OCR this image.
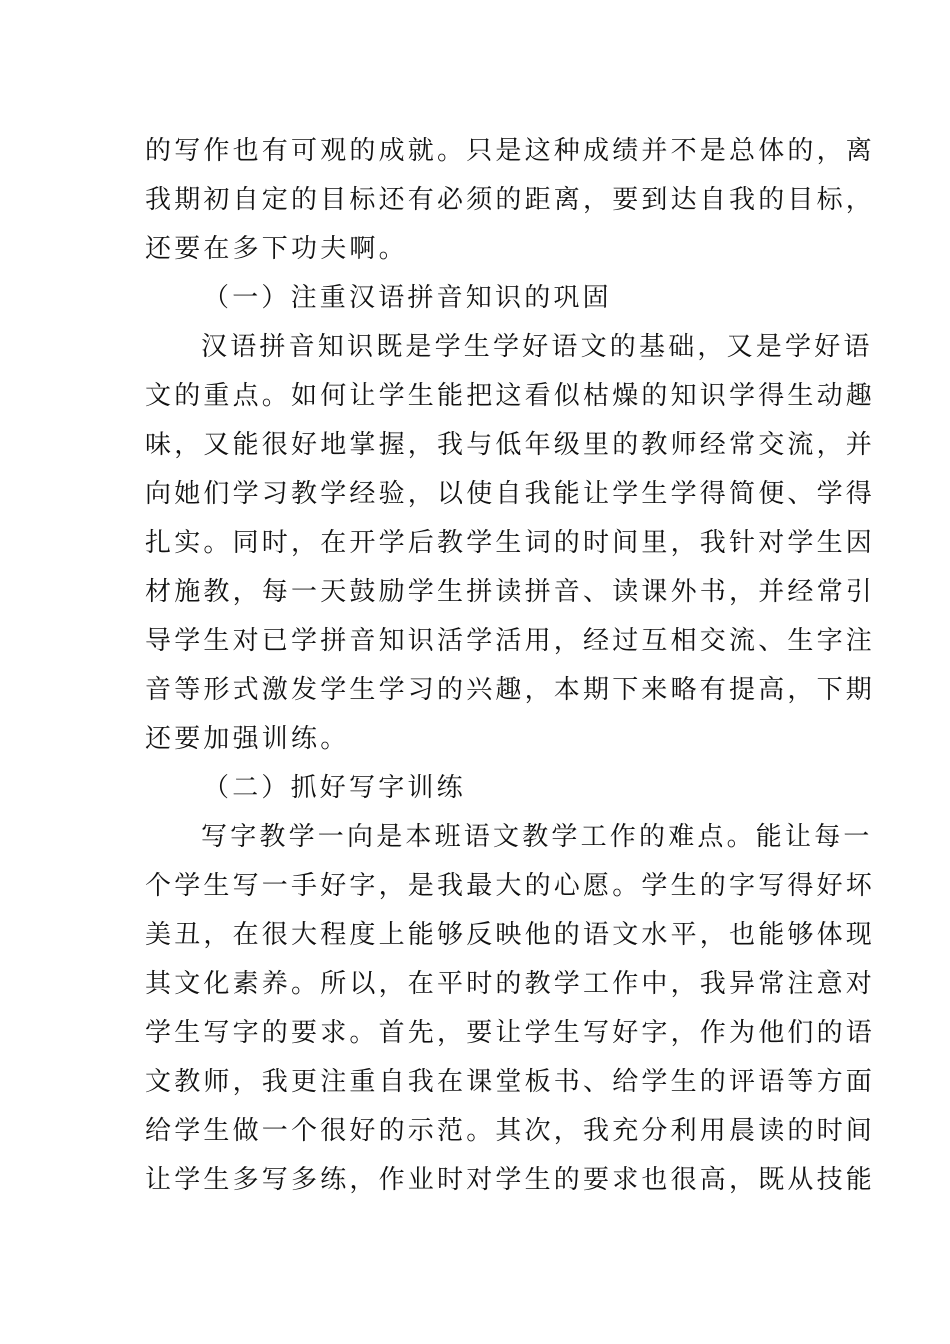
的写作也有可观的成就。只是这种成绩并不是总体的，离
我期初自定的目标还有必须的距离，要到达自我的目标，
还要在多下功夫啊。
（一）注重汉语拼音知识的巩固
汉语拼音知识既是学生学好语文的基础，又是学好语
文的重点。如何让学生能把这看似枯燥的知识学得生动趣
味，又能很好地掌握，我与低年级里的教师经常交流，并
向她们学习教学经验，以使自我能让学生学得简便、学得
扎实。同时，在开学后教学生词的时间里，我针对学生因
材施教，每一天鼓励学生拼读拼音、读课外书，并经常引
导学生对已学拼音知识活学活用，经过互相交流、生字注
音等形式激发学生学习的兴趣，本期下来略有提高，下期
还要加强训练。
（二）抓好写字训练
写字教学一向是本班语文教学工作的难点。能让每一
个学生写一手好字，是我最大的心愿。学生的字写得好坏
美丑，在很大程度上能够反映他的语文水平，也能够体现
其文化素养。所以，在平时的教学工作中，我异常注意对
学生写字的要求。首先，要让学生写好字，作为他们的语
文教师，我更注重自我在课堂板书、给学生的评语等方面
给学生做一个很好的示范。其次，我充分利用晨读的时间
让学生多写多练，作业时对学生的要求也很高，既从技能
